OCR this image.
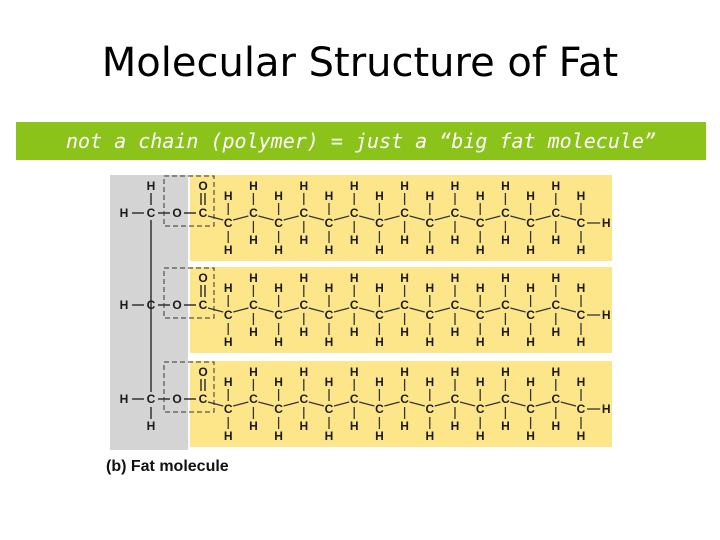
Molecular Structure of Fat
not a chain (polymer) = just a “big fat molecule”
H C O
H
C
O
C
H
H
C
H
H
C
H
H
C
H
H
C
H
H
C
H
H
C
H
H
C
H
H
C
H
H
C
H
H
C
H
H
C
H
H
C
H
H
C
H
H
C
H
H
H
H C O C
O
C
H
H
C
H
H
C
H
H
C
H
H
C
H
H
C
H
H
C
H
H
C
H
H
C
H
H
C
H
H
C
H
H
C
H
H
C
H
H
C
H
H
C
H
H
H
H C O
H
C
O
C
H
H
C
H
H
C
H
H
C
H
H
C
H
H
C
H
H
C
H
H
C
H
H
C
H
H
C
H
H
C
H
H
C
H
H
C
H
H
C
H
H
C
H
H
H
(b) Fat molecule
